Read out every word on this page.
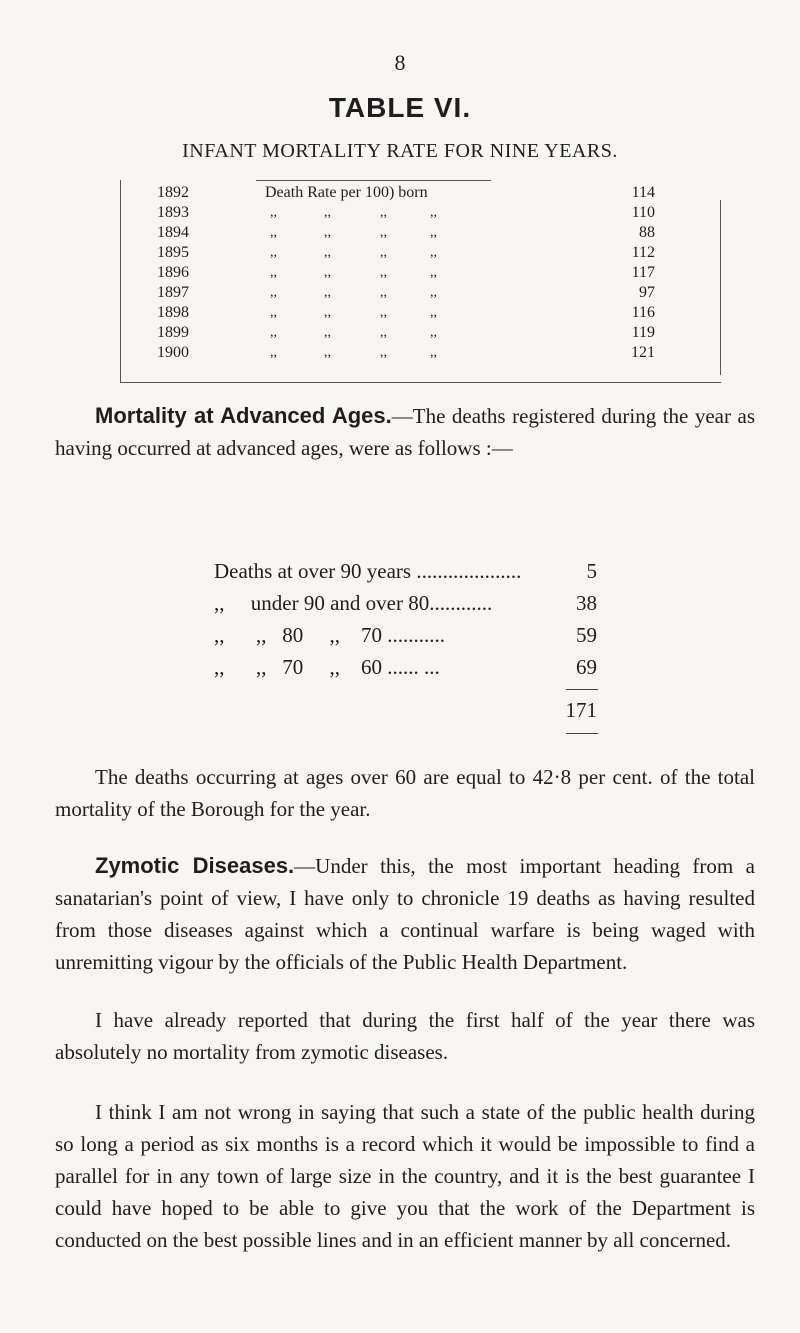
8
TABLE VI.
INFANT MORTALITY RATE FOR NINE YEARS.
1892	Death Rate per 100) born	114
1893	,,	,,	,,	,,	110
1894	,,	,,	,,	,,	88
1895	,,	,,	,,	,,	112
1896	,,	,,	,,	,,	117
1897	,,	,,	,,	,,	97
1898	,,	,,	,,	,,	116
1899	,,	,,	,,	,,	119
1900	,,	,,	,,	,,	121
Mortality at Advanced Ages.—The deaths registered during the year as having occurred at advanced ages, were as follows :—
Deaths at over 90 years ....................	5
,,     under 90 and over 80............	38
,,      ,,   80     ,,    70 ...........	59
,,      ,,   70     ,,    60 ...... ...	69
171
The deaths occurring at ages over 60 are equal to 42·8 per cent. of the total mortality of the Borough for the year.
Zymotic Diseases.—Under this, the most important heading from a sanatarian's point of view, I have only to chronicle 19 deaths as having resulted from those diseases against which a continual warfare is being waged with unremitting vigour by the officials of the Public Health Department.
I have already reported that during the first half of the year there was absolutely no mortality from zymotic diseases.
I think I am not wrong in saying that such a state of the public health during so long a period as six months is a record which it would be impossible to find a parallel for in any town of large size in the country, and it is the best guarantee I could have hoped to be able to give you that the work of the Department is conducted on the best possible lines and in an efficient manner by all concerned.
